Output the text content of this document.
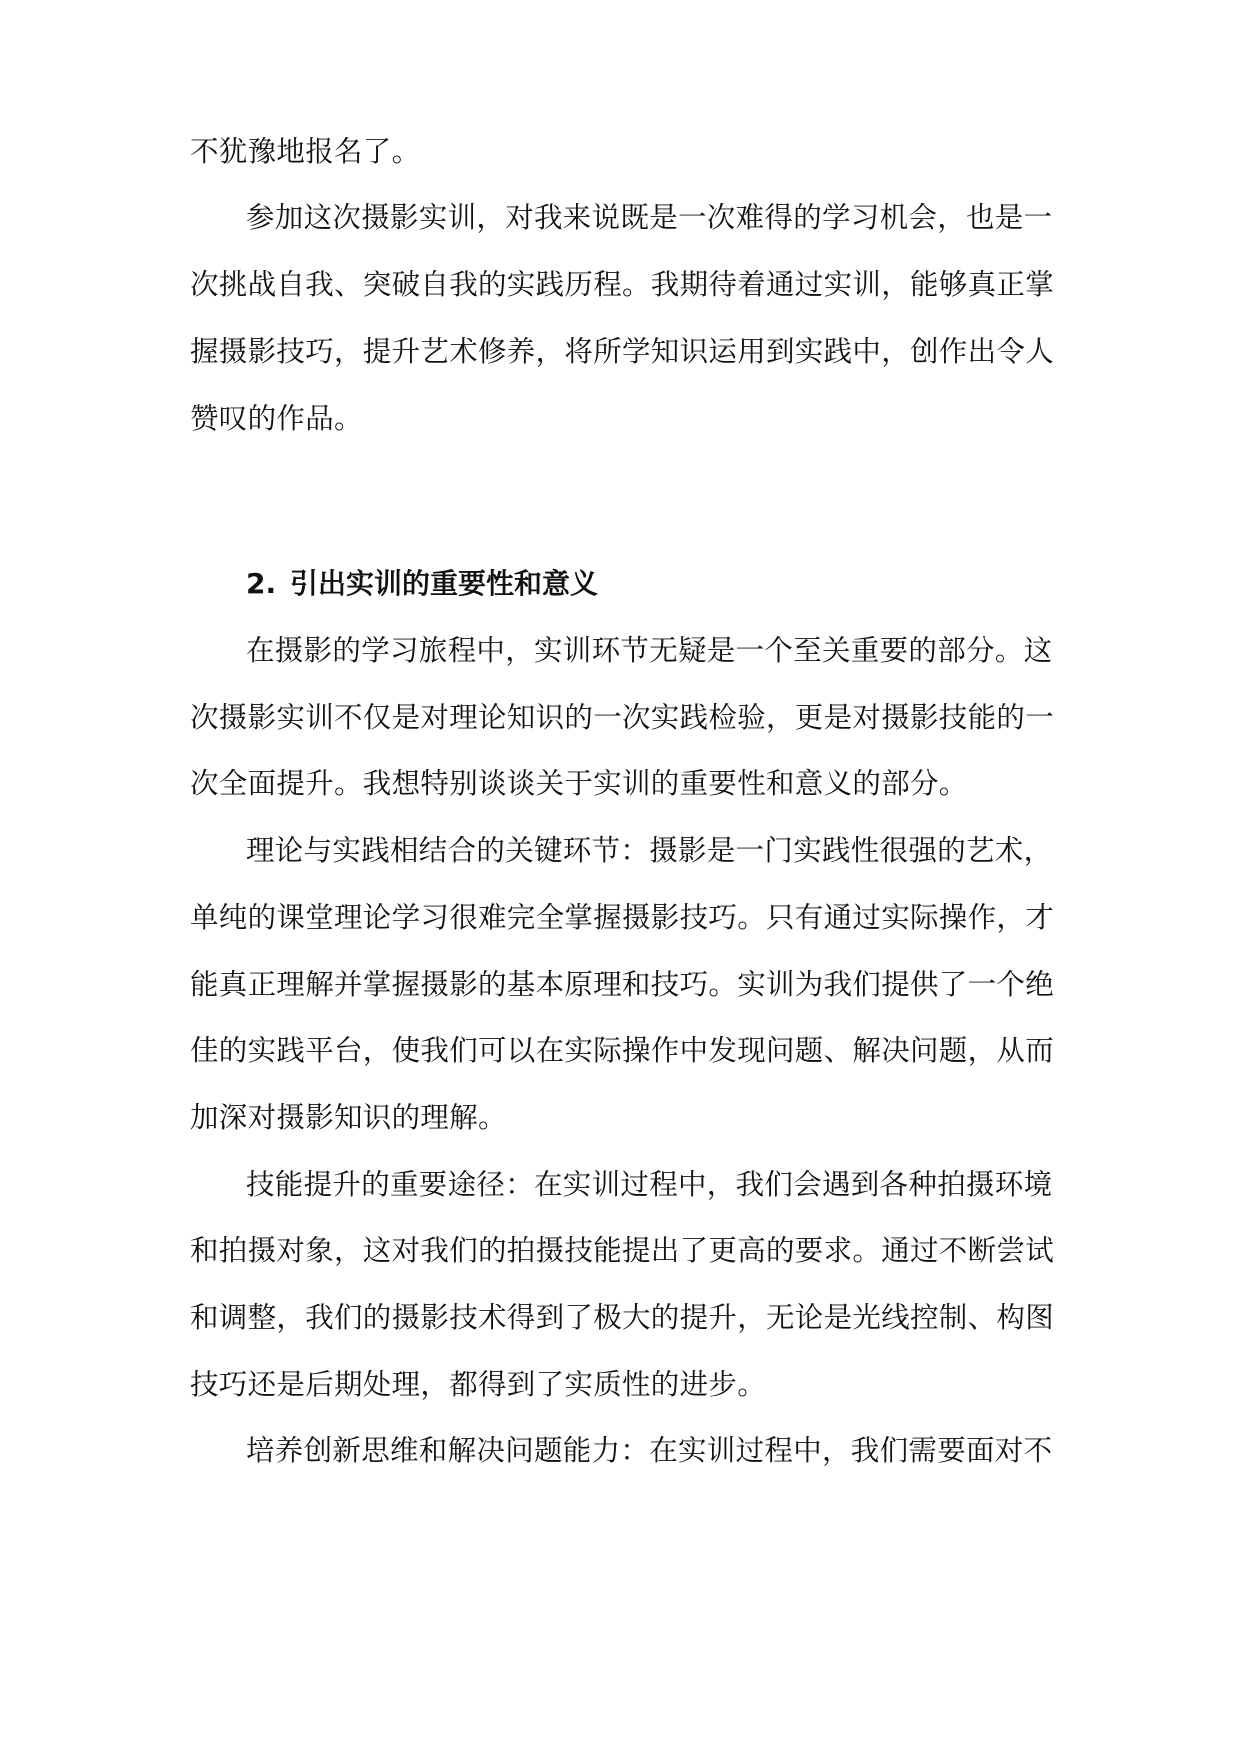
不犹豫地报名了。
参加这次摄影实训，对我来说既是一次难得的学习机会，也是一
次挑战自我、突破自我的实践历程。我期待着通过实训，能够真正掌
握摄影技巧，提升艺术修养，将所学知识运用到实践中，创作出令人
赞叹的作品。
2. 引出实训的重要性和意义
在摄影的学习旅程中，实训环节无疑是一个至关重要的部分。这
次摄影实训不仅是对理论知识的一次实践检验，更是对摄影技能的一
次全面提升。我想特别谈谈关于实训的重要性和意义的部分。
理论与实践相结合的关键环节：摄影是一门实践性很强的艺术，
单纯的课堂理论学习很难完全掌握摄影技巧。只有通过实际操作，才
能真正理解并掌握摄影的基本原理和技巧。实训为我们提供了一个绝
佳的实践平台，使我们可以在实际操作中发现问题、解决问题，从而
加深对摄影知识的理解。
技能提升的重要途径：在实训过程中，我们会遇到各种拍摄环境
和拍摄对象，这对我们的拍摄技能提出了更高的要求。通过不断尝试
和调整，我们的摄影技术得到了极大的提升，无论是光线控制、构图
技巧还是后期处理，都得到了实质性的进步。
培养创新思维和解决问题能力：在实训过程中，我们需要面对不
